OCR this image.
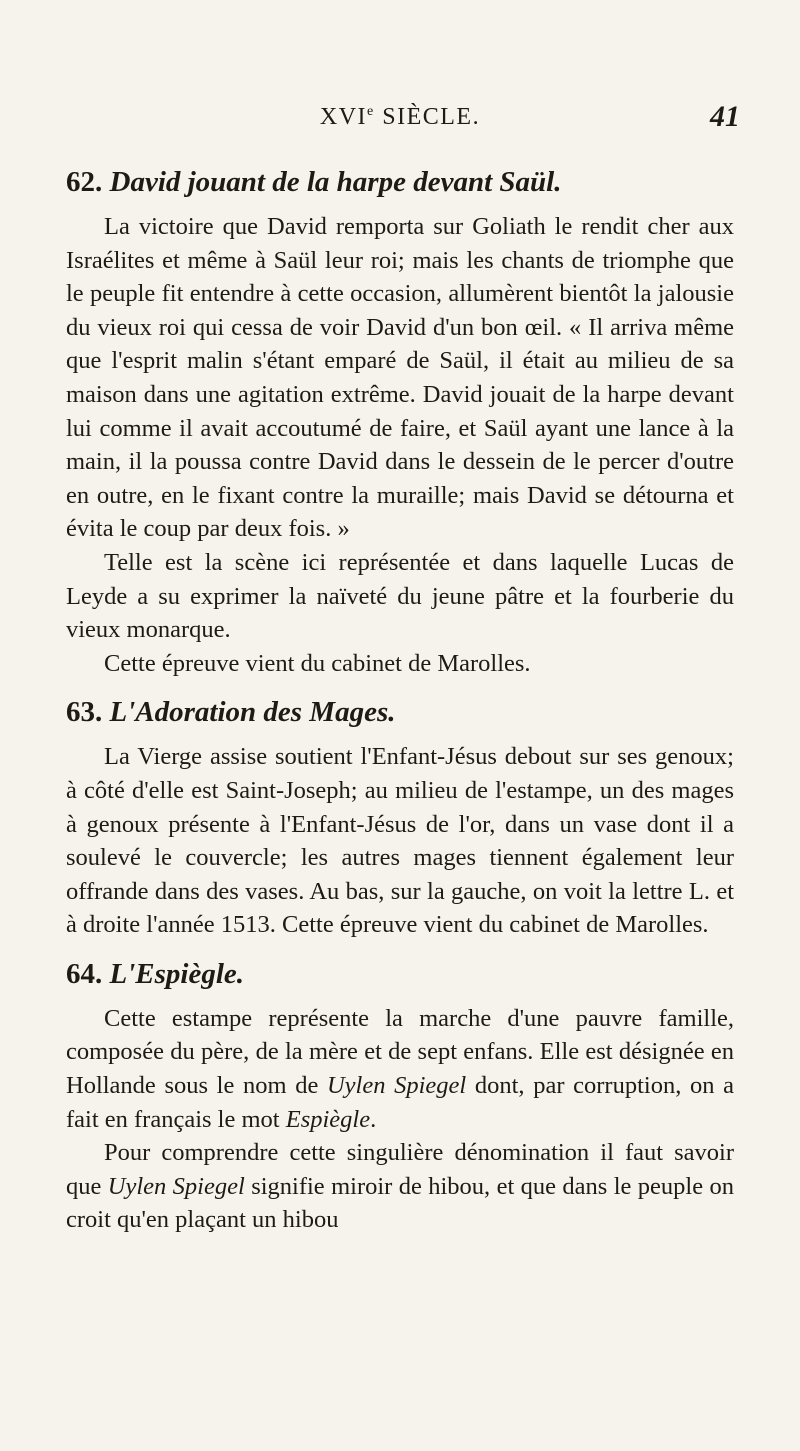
XVIe SIÈCLE.	41
62. David jouant de la harpe devant Saül.

La victoire que David remporta sur Goliath le rendit cher aux Israélites et même à Saül leur roi; mais les chants de triomphe que le peuple fit entendre à cette occasion, allumèrent bientôt la jalousie du vieux roi qui cessa de voir David d'un bon œil. « Il arriva même que l'esprit malin s'étant emparé de Saül, il était au milieu de sa maison dans une agitation extrême. David jouait de la harpe devant lui comme il avait accoutumé de faire, et Saül ayant une lance à la main, il la poussa contre David dans le dessein de le percer d'outre en outre, en le fixant contre la muraille; mais David se détourna et évita le coup par deux fois. »

Telle est la scène ici représentée et dans laquelle Lucas de Leyde a su exprimer la naïveté du jeune pâtre et la fourberie du vieux monarque.

Cette épreuve vient du cabinet de Marolles.

63. L'Adoration des Mages.

La Vierge assise soutient l'Enfant-Jésus debout sur ses genoux; à côté d'elle est Saint-Joseph; au milieu de l'estampe, un des mages à genoux présente à l'Enfant-Jésus de l'or, dans un vase dont il a soulevé le couvercle; les autres mages tiennent également leur offrande dans des vases. Au bas, sur la gauche, on voit la lettre L. et à droite l'année 1513. Cette épreuve vient du cabinet de Marolles.

64. L'Espiègle.

Cette estampe représente la marche d'une pauvre famille, composée du père, de la mère et de sept enfans. Elle est désignée en Hollande sous le nom de Uylen Spiegel dont, par corruption, on a fait en français le mot Espiègle.

Pour comprendre cette singulière dénomination il faut savoir que Uylen Spiegel signifie miroir de hibou, et que dans le peuple on croit qu'en plaçant un hibou
